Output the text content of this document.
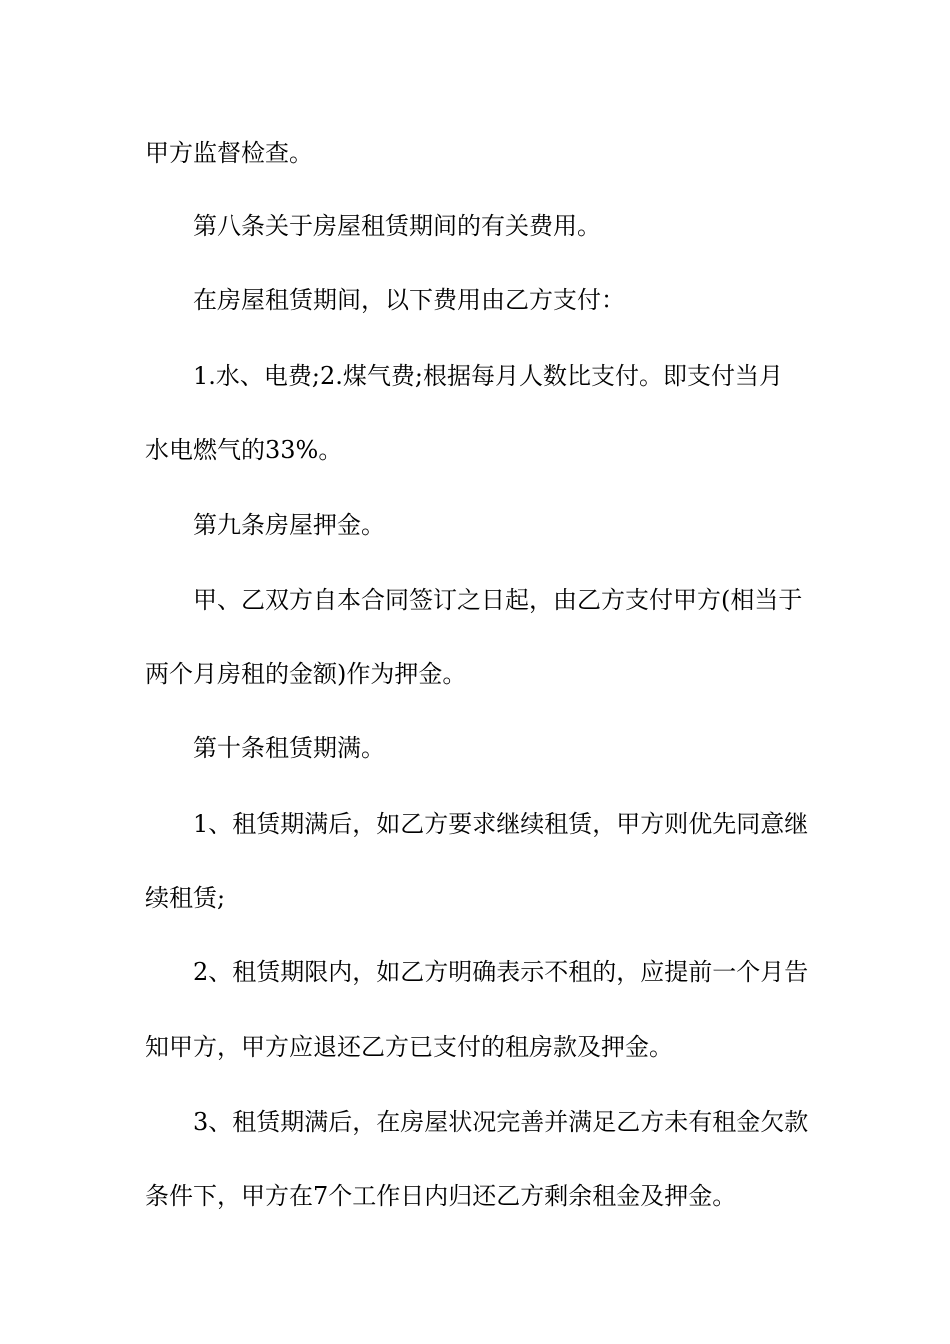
甲方监督检查。
第八条关于房屋租赁期间的有关费用。
在房屋租赁期间，以下费用由乙方支付：
1.水、电费;2.煤气费;根据每月人数比支付。即支付当月
水电燃气的33%。
第九条房屋押金。
甲、乙双方自本合同签订之日起，由乙方支付甲方(相当于
两个月房租的金额)作为押金。
第十条租赁期满。
1、租赁期满后，如乙方要求继续租赁，甲方则优先同意继
续租赁;
2、租赁期限内，如乙方明确表示不租的，应提前一个月告
知甲方，甲方应退还乙方已支付的租房款及押金。
3、租赁期满后，在房屋状况完善并满足乙方未有租金欠款
条件下，甲方在7个工作日内归还乙方剩余租金及押金。
